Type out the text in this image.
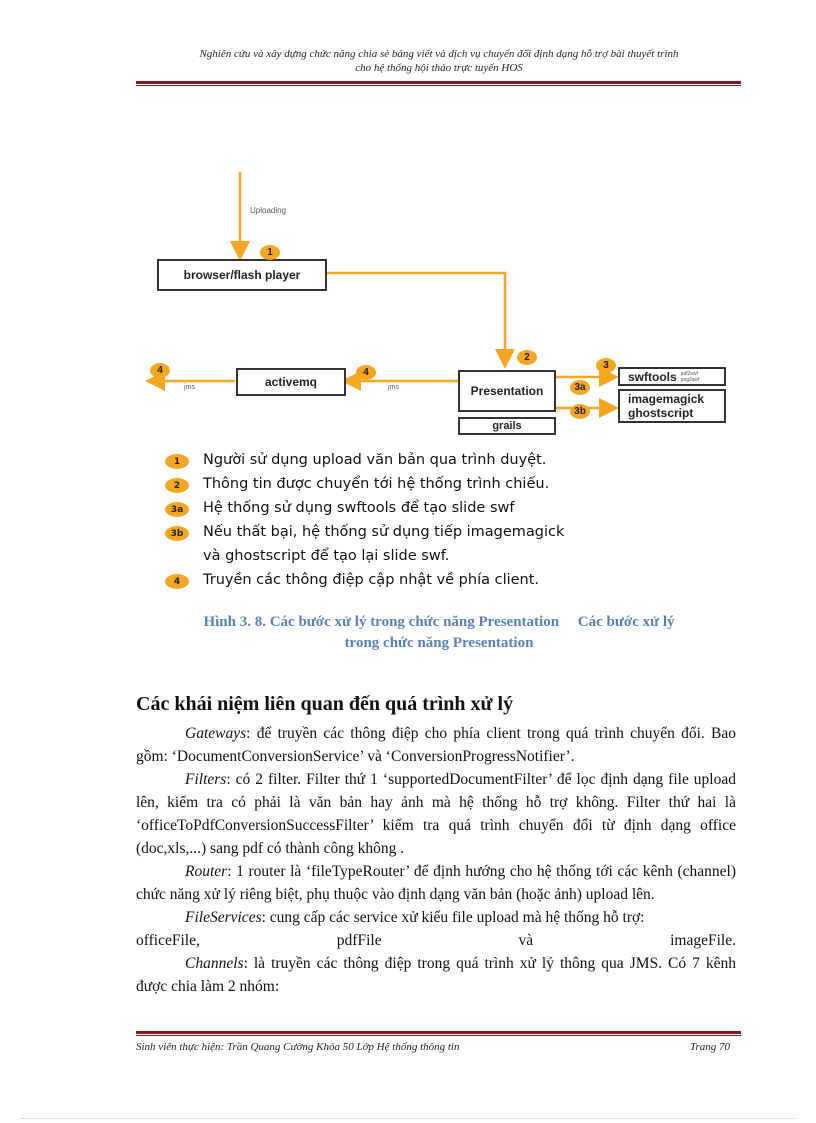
Nghiên cứu và xây dựng chức năng chia sẻ bảng viết và dịch vụ chuyển đổi định dạng hỗ trợ bài thuyết trình
cho hệ thống hội thảo trực tuyến HOS
Uploading
browser/flash player
activemq
Presentation
grails
swftools pdf2swf
png2swf
imagemagick
ghostscript
1
2
3
3a
3b
4
4
jms
jms
1	Người sử dụng upload văn bản qua trình duyệt.
2	Thông tin được chuyển tới hệ thống trình chiếu.
3a	Hệ thống sử dụng swftools để tạo slide swf
3b	Nếu thất bại, hệ thống sử dụng tiếp imagemagick
và ghostscript để tạo lại slide swf.
4	Truyền các thông điệp cập nhật về phía client.
Hình 3. 8. Các bước xử lý trong chức năng Presentation     Các bước xử lý
trong chức năng Presentation
Các khái niệm liên quan đến quá trình xử lý

Gateways: để truyền các thông điệp cho phía client trong quá trình chuyển đổi. Bao gồm: ‘DocumentConversionService’ và ‘ConversionProgressNotifier’.

Filters: có 2 filter. Filter thứ 1 ‘supportedDocumentFilter’ để lọc định dạng file upload lên, kiểm tra có phải là văn bản hay ảnh mà hệ thống hỗ trợ không. Filter thứ hai là ‘officeToPdfConversionSuccessFilter’ kiểm tra quá trình chuyển đổi từ định dạng office (doc,xls,...) sang pdf có thành công không .

Router: 1 router là ‘fileTypeRouter’ để định hướng cho hệ thống tới các kênh (channel) chức năng xử lý riêng biệt, phụ thuộc vào định dạng văn bản (hoặc ảnh) upload lên.

FileServices: cung cấp các service xử kiểu file upload mà hệ thống hỗ trợ:

officeFile,	pdfFile	và	imageFile.

Channels: là truyền các thông điệp trong quá trình xử lý thông qua JMS. Có 7 kênh được chia làm 2 nhóm:

Sinh viên thực hiện: Trần Quang Cường Khóa 50 Lớp Hệ thống thông tin	Trang 70
